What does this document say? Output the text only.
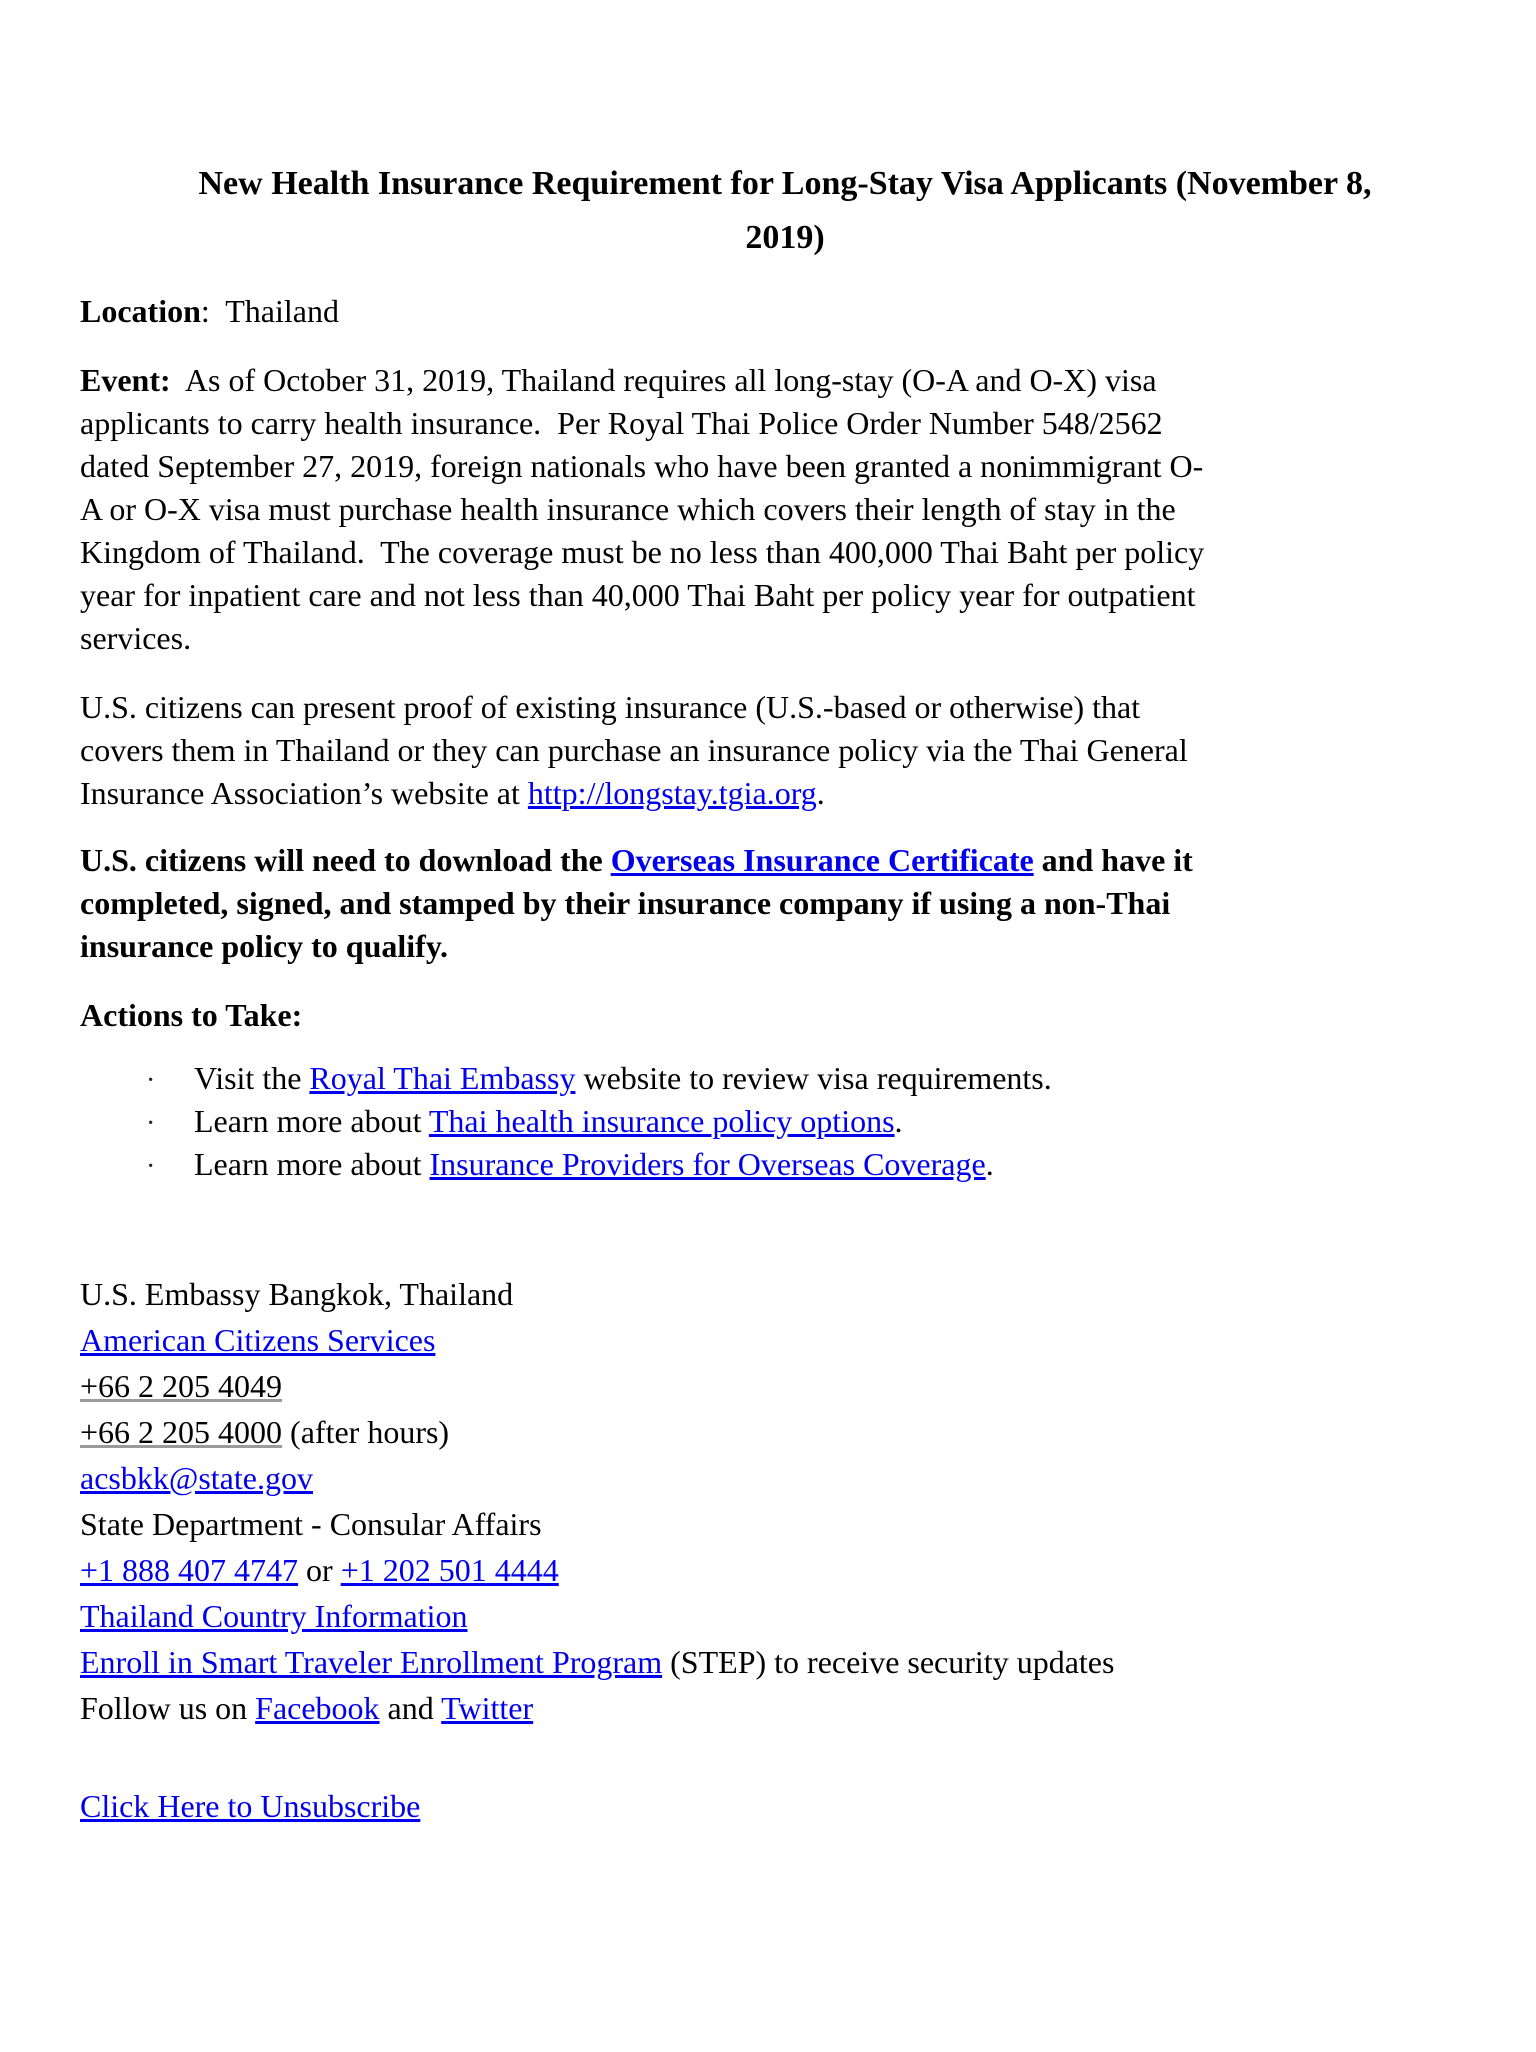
New Health Insurance Requirement for Long-Stay Visa Applicants (November 8,
2019)
Location:  Thailand
Event:  As of October 31, 2019, Thailand requires all long-stay (O-A and O-X) visa
applicants to carry health insurance.  Per Royal Thai Police Order Number 548/2562
dated September 27, 2019, foreign nationals who have been granted a nonimmigrant O-
A or O-X visa must purchase health insurance which covers their length of stay in the
Kingdom of Thailand.  The coverage must be no less than 400,000 Thai Baht per policy
year for inpatient care and not less than 40,000 Thai Baht per policy year for outpatient
services.
U.S. citizens can present proof of existing insurance (U.S.-based or otherwise) that
covers them in Thailand or they can purchase an insurance policy via the Thai General
Insurance Association’s website at http://longstay.tgia.org.
U.S. citizens will need to download the Overseas Insurance Certificate and have it
completed, signed, and stamped by their insurance company if using a non-Thai
insurance policy to qualify.
Actions to Take:
· Visit the Royal Thai Embassy website to review visa requirements.
· Learn more about Thai health insurance policy options.
· Learn more about Insurance Providers for Overseas Coverage.
U.S. Embassy Bangkok, Thailand
American Citizens Services
+66 2 205 4049
+66 2 205 4000 (after hours)
acsbkk@state.gov
State Department - Consular Affairs
+1 888 407 4747 or +1 202 501 4444
Thailand Country Information
Enroll in Smart Traveler Enrollment Program (STEP) to receive security updates
Follow us on Facebook and Twitter
Click Here to Unsubscribe
